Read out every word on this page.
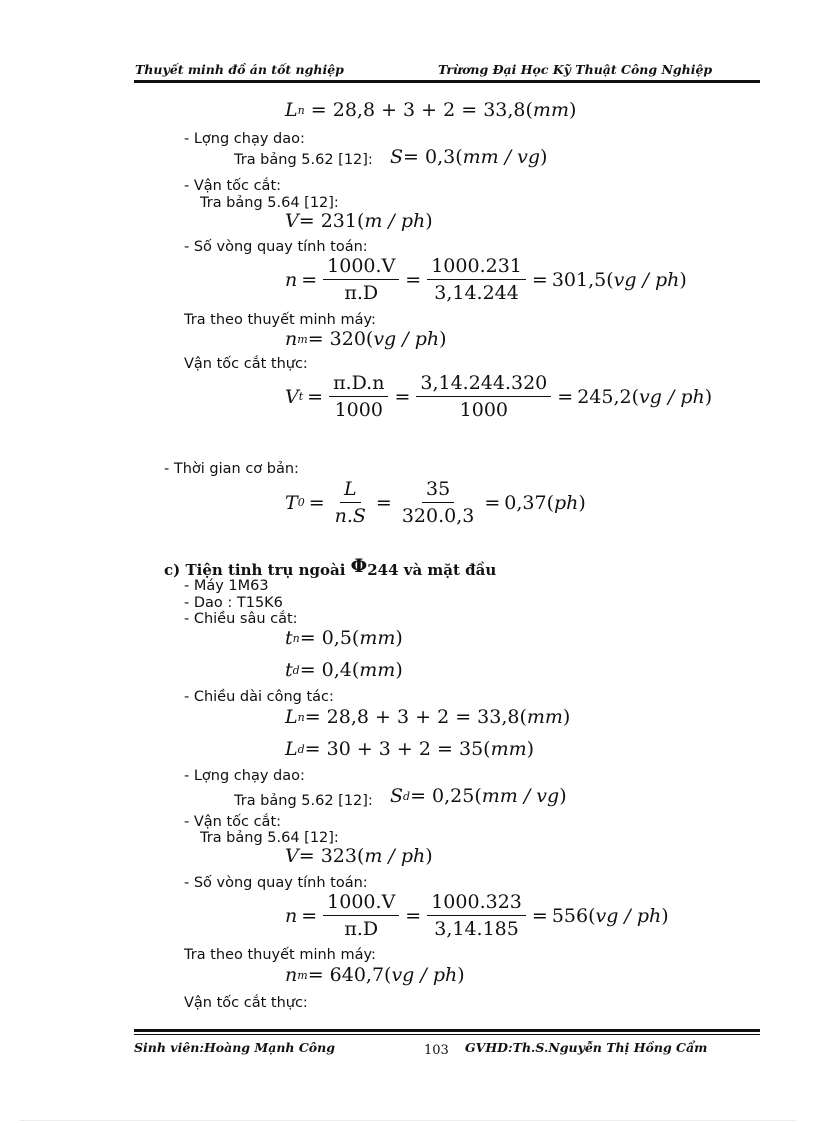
Thuyết minh đồ án tốt nghiệp	Trừơng Đại Học Kỹ Thuật Công Nghiệp
L n
= 28,8 + 3 + 2 = 33,8( mm )
- Lợng chạy dao:
Tra bảng 5.62 [12]: S = 0,3( mm / vg )
- Vận tốc cắt:
Tra bảng 5.64 [12]:
V = 231( m / ph )
- Số vòng quay tính toán:
$n = \frac{1000.V}{\pi.D} = \frac{1000.231}{3,14.244} = 301,5$( vg / ph )
Tra theo thuyết minh máy:
n m = 320( vg / ph )
Vận tốc cắt thực:
V $t = \frac{\pi.D.n}{1000} = \frac{3,14.244.320}{1000} = 245,2$( vg / ph )
- Thời gian cơ bản:
T $0 = \frac{L}{n.S} = \frac{35}{320.0,3} = 0,37$( ph )
c) Tiện tinh trụ ngoài Φ244 và mặt đầu
- Máy 1M63
- Dao : T15K6
- Chiều sâu cắt:
t n = 0,5( mm )
t d = 0,4( mm )
- Chiều dài công tác:
L n = 28,8 + 3 + 2 = 33,8( mm )
L d = 30 + 3 + 2 = 35( mm )
- Lợng chạy dao:
Tra bảng 5.62 [12]: S d = 0,25( mm / vg )
- Vận tốc cắt:
Tra bảng 5.64 [12]:
V = 323( m / ph )
- Số vòng quay tính toán:
$n = \frac{1000.V}{\pi.D} = \frac{1000.323}{3,14.185} = 556$( vg / ph )
Tra theo thuyết minh máy:
n m = 640,7( vg / ph )
Vận tốc cắt thực:
Sinh viên:Hoàng Mạnh Công	103 GVHD:Th.S.Nguyễn Thị Hồng Cẩm
